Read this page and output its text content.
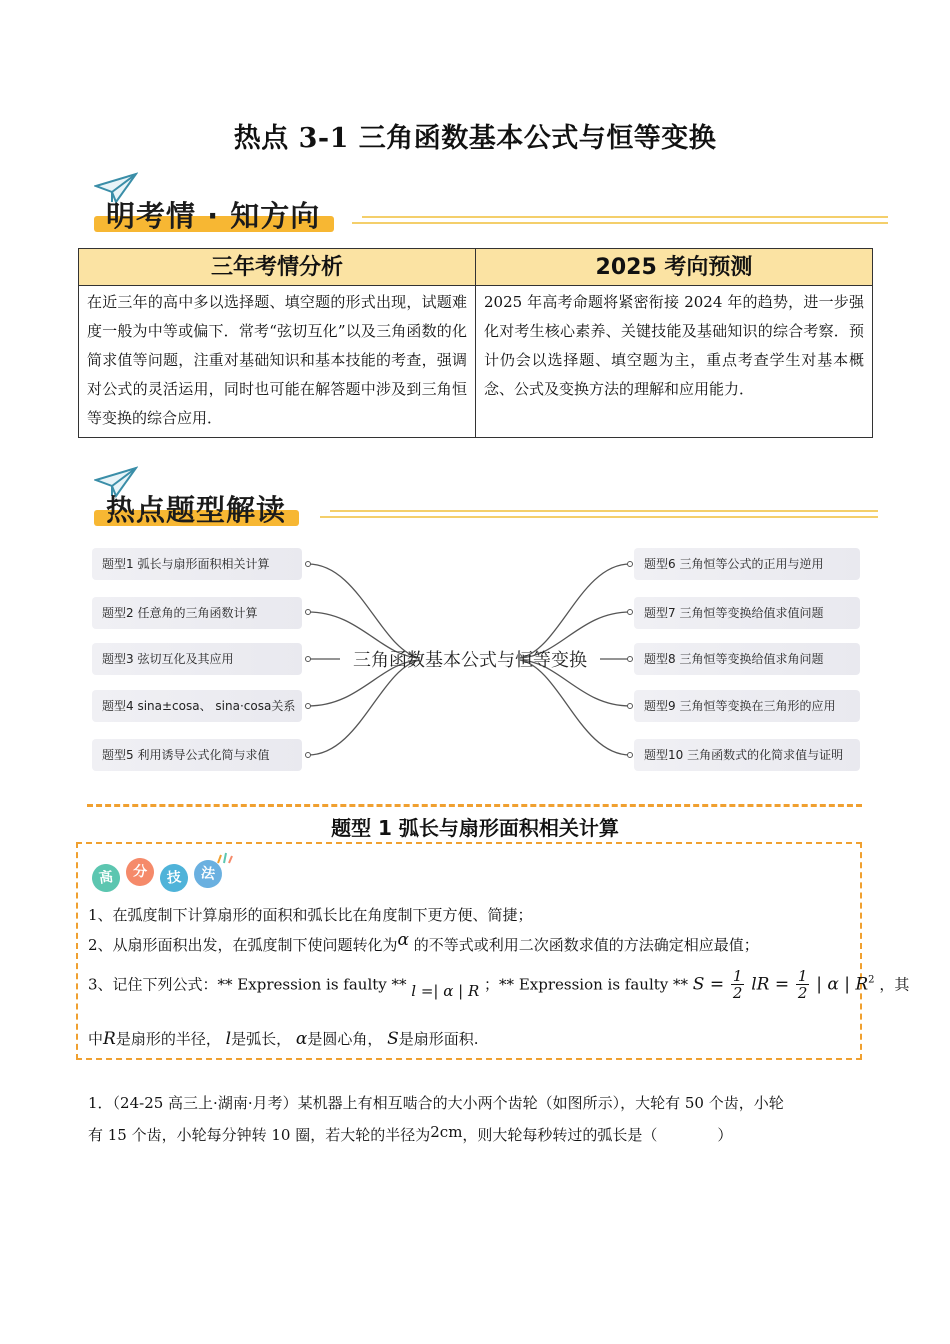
热点 3-1 三角函数基本公式与恒等变换
明考情 · 知方向
三年考情分析	2025 考向预测
在近三年的高中多以选择题、填空题的形式出现，试题难度一般为中等或偏下．常考“弦切互化”以及三角函数的化简求值等问题，注重对基础知识和基本技能的考查，强调对公式的灵活运用，同时也可能在解答题中涉及到三角恒等变换的综合应用．	2025 年高考命题将紧密衔接 2024 年的趋势，进一步强化对考生核心素养、关键技能及基础知识的综合考察．预计仍会以选择题、填空题为主，重点考查学生对基本概念、公式及变换方法的理解和应用能力．
热点题型解读
题型1 弧长与扇形面积相关计算
题型2 任意角的三角函数计算
题型3 弦切互化及其应用
题型4 sina±cosa、 sina·cosa关系
题型5 利用诱导公式化简与求值
三角函数基本公式与恒等变换
题型6 三角恒等公式的正用与逆用
题型7 三角恒等变换给值求值问题
题型8 三角恒等变换给值求角问题
题型9 三角恒等变换在三角形的应用
题型10 三角函数式的化简求值与证明
题型 1 弧长与扇形面积相关计算
高	分	技	法
1、在弧度制下计算扇形的面积和弧长比在角度制下更方便、简捷；
2、从扇形面积出发，在弧度制下使问题转化为α 的不等式或利用二次函数求值的方法确定相应最值；
3、记住下列公式：** Expression is faulty ** l =| α | R ；** Expression is faulty ** $S = \frac{1}{2}$ lR = $\frac{1}{2}$ | α | $R^2$ ，其
中R是扇形的半径， l是弧长， α是圆心角， S是扇形面积.
1．（24-25 高三上·湖南·月考）某机器上有相互啮合的大小两个齿轮（如图所示），大轮有 50 个齿，小轮
有 15 个齿，小轮每分钟转 10 圈，若大轮的半径为2cm，则大轮每秒转过的弧长是（　　　　）
